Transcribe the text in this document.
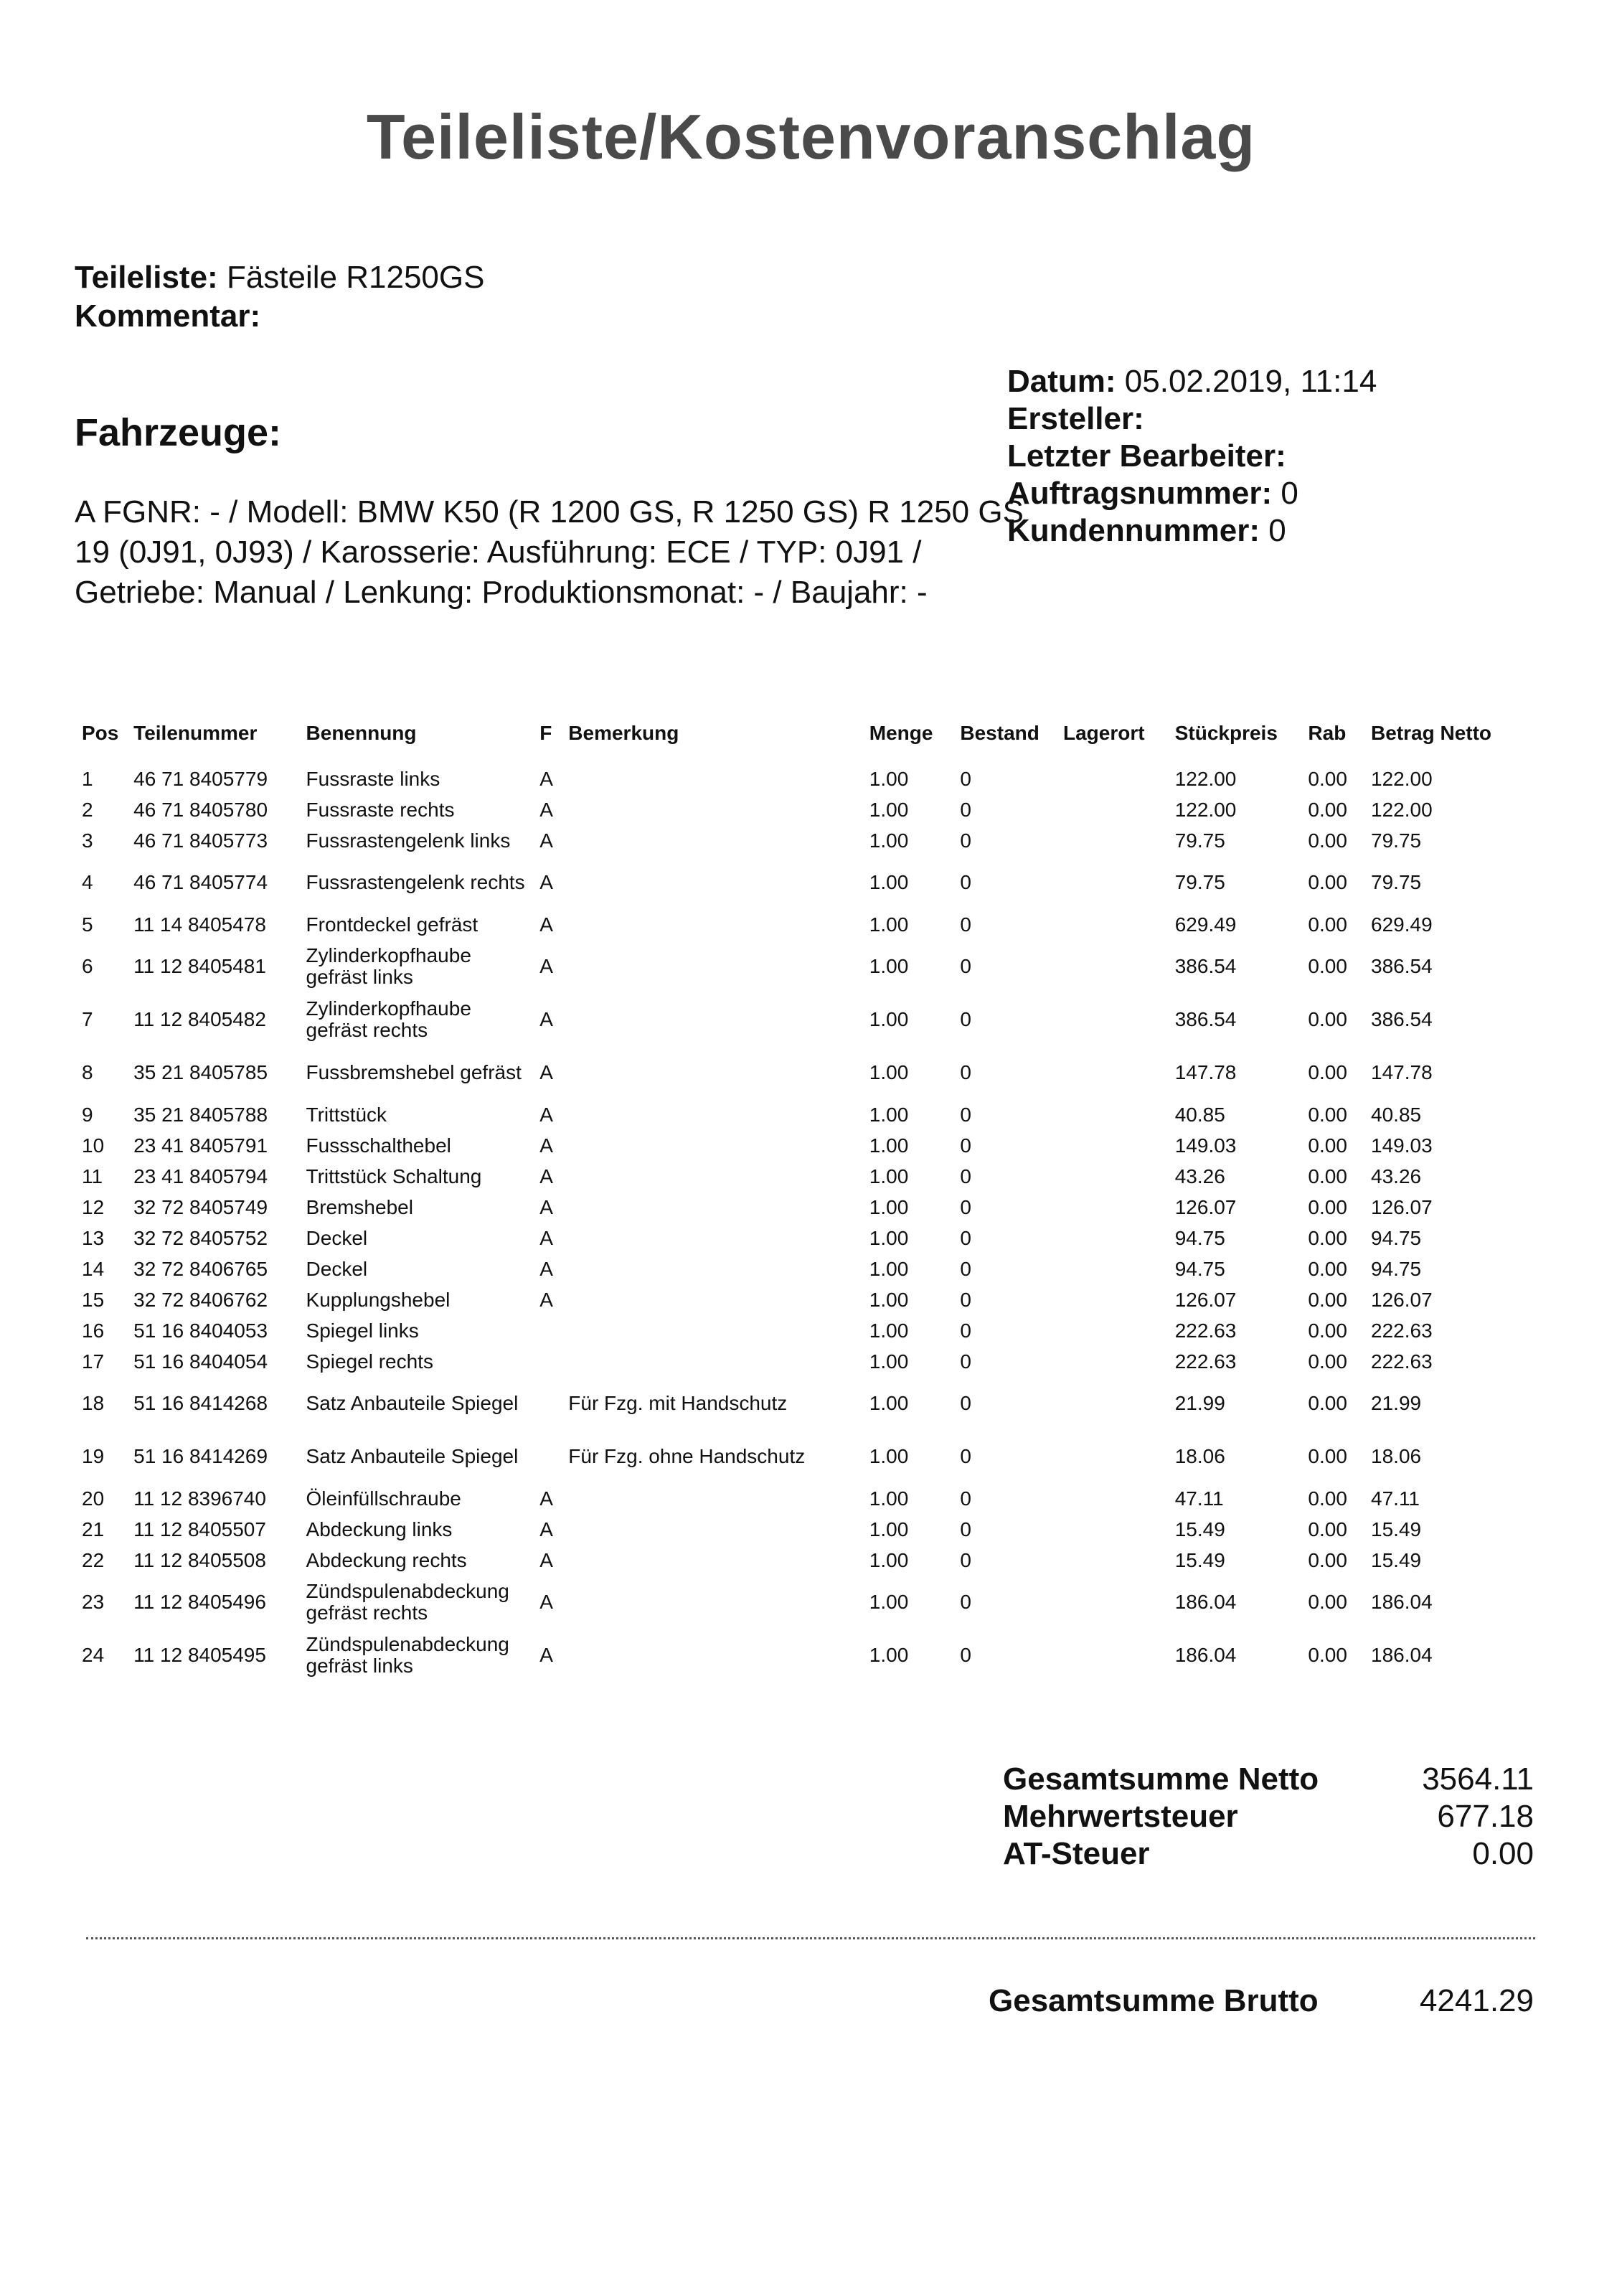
Teileliste/Kostenvoranschlag
Teileliste: Fästeile R1250GS
Kommentar:
Fahrzeuge:
A FGNR: - / Modell: BMW K50 (R 1200 GS, R 1250 GS) R 1250 GS 19 (0J91, 0J93) / Karosserie: Ausführung: ECE / TYP: 0J91 / Getriebe: Manual / Lenkung: Produktionsmonat: - / Baujahr: -
Datum: 05.02.2019, 11:14
Ersteller:
Letzter Bearbeiter:
Auftragsnummer: 0
Kundennummer: 0
Pos	Teilenummer	Benennung	F	Bemerkung	Menge	Bestand	Lagerort	Stückpreis	Rab	Betrag Netto

1	46 71 8405779	Fussraste links	A		1.00	0		122.00	0.00	122.00
2	46 71 8405780	Fussraste rechts	A		1.00	0		122.00	0.00	122.00
3	46 71 8405773	Fussrastengelenk links	A		1.00	0		79.75	0.00	79.75
4	46 71 8405774	Fussrastengelenk rechts	A		1.00	0		79.75	0.00	79.75
5	11 14 8405478	Frontdeckel gefräst	A		1.00	0		629.49	0.00	629.49
6	11 12 8405481	Zylinderkopfhaube gefräst links	A		1.00	0		386.54	0.00	386.54
7	11 12 8405482	Zylinderkopfhaube gefräst rechts	A		1.00	0		386.54	0.00	386.54
8	35 21 8405785	Fussbremshebel gefräst	A		1.00	0		147.78	0.00	147.78
9	35 21 8405788	Trittstück	A		1.00	0		40.85	0.00	40.85
10	23 41 8405791	Fussschalthebel	A		1.00	0		149.03	0.00	149.03
11	23 41 8405794	Trittstück Schaltung	A		1.00	0		43.26	0.00	43.26
12	32 72 8405749	Bremshebel	A		1.00	0		126.07	0.00	126.07
13	32 72 8405752	Deckel	A		1.00	0		94.75	0.00	94.75
14	32 72 8406765	Deckel	A		1.00	0		94.75	0.00	94.75
15	32 72 8406762	Kupplungshebel	A		1.00	0		126.07	0.00	126.07
16	51 16 8404053	Spiegel links			1.00	0		222.63	0.00	222.63
17	51 16 8404054	Spiegel rechts			1.00	0		222.63	0.00	222.63
18	51 16 8414268	Satz Anbauteile Spiegel		Für Fzg. mit Handschutz	1.00	0		21.99	0.00	21.99
19	51 16 8414269	Satz Anbauteile Spiegel		Für Fzg. ohne Handschutz	1.00	0		18.06	0.00	18.06
20	11 12 8396740	Öleinfüllschraube	A		1.00	0		47.11	0.00	47.11
21	11 12 8405507	Abdeckung links	A		1.00	0		15.49	0.00	15.49
22	11 12 8405508	Abdeckung rechts	A		1.00	0		15.49	0.00	15.49
23	11 12 8405496	Zündspulenabdeckung gefräst rechts	A		1.00	0		186.04	0.00	186.04
24	11 12 8405495	Zündspulenabdeckung gefräst links	A		1.00	0		186.04	0.00	186.04
Gesamtsumme Netto	3564.11
Mehrwertsteuer	677.18
AT-Steuer	0.00
Gesamtsumme Brutto	4241.29
